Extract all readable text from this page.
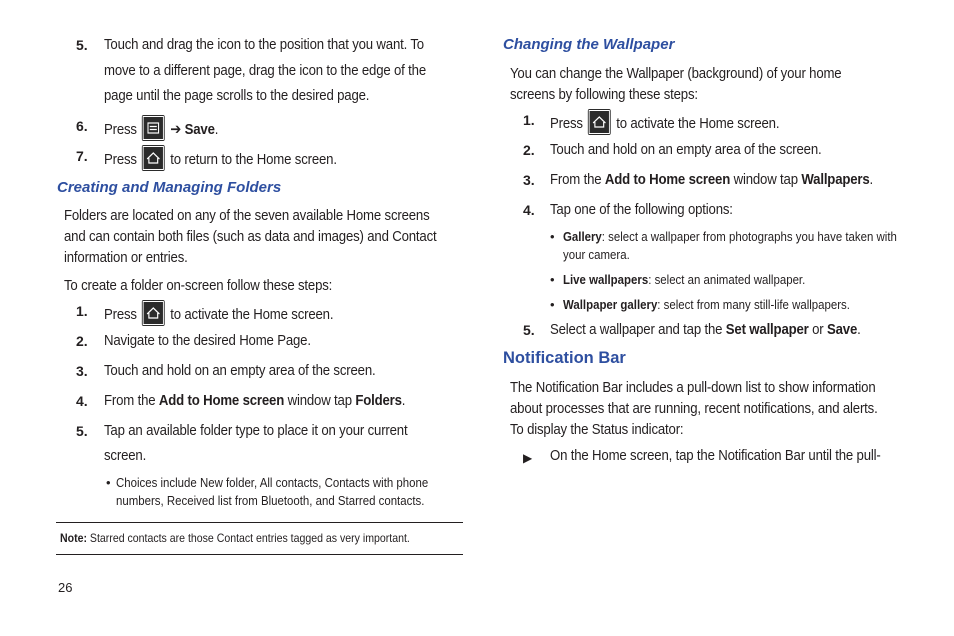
5.	Touch and drag the icon to the position that you want. To
move to a different page, drag the icon to the edge of the
page until the page scrolls to the desired page.
6.	Press ➔ Save.
7.	Press to return to the Home screen.
Creating and Managing Folders
Folders are located on any of the seven available Home screens
and can contain both files (such as data and images) and Contact
information or entries.
To create a folder on-screen follow these steps:
1.	Press to activate the Home screen.
2.	Navigate to the desired Home Page.
3.	Touch and hold on an empty area of the screen.
4.	From the Add to Home screen window tap Folders.
5.	Tap an available folder type to place it on your current
screen.
• Choices include New folder, All contacts, Contacts with phone
numbers, Received list from Bluetooth, and Starred contacts.
Note: Starred contacts are those Contact entries tagged as very important.
26
Changing the Wallpaper
You can change the Wallpaper (background) of your home
screens by following these steps:
1.	Press to activate the Home screen.
2.	Touch and hold on an empty area of the screen.
3.	From the Add to Home screen window tap Wallpapers.
4.	Tap one of the following options:
• Gallery: select a wallpaper from photographs you have taken with
your camera.
• Live wallpapers: select an animated wallpaper.
• Wallpaper gallery: select from many still-life wallpapers.
5.	Select a wallpaper and tap the Set wallpaper or Save.
Notification Bar
The Notification Bar includes a pull-down list to show information
about processes that are running, recent notifications, and alerts.
To display the Status indicator:
▶ On the Home screen, tap the Notification Bar until the pull-
